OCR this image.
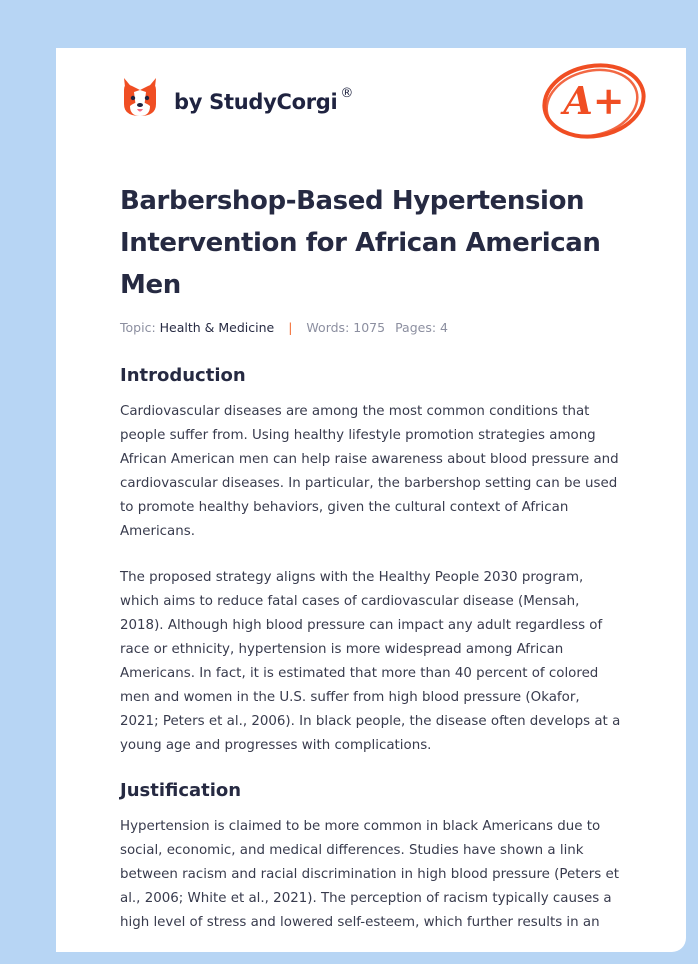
by StudyCorgi ®	A+
Barbershop-Based Hypertension Intervention for African American Men
Topic: Health & Medicine | Words: 1075 Pages: 4
Introduction

Cardiovascular diseases are among the most common conditions that people suffer from. Using healthy lifestyle promotion strategies among African American men can help raise awareness about blood pressure and cardiovascular diseases. In particular, the barbershop setting can be used to promote healthy behaviors, given the cultural context of African Americans.

The proposed strategy aligns with the Healthy People 2030 program, which aims to reduce fatal cases of cardiovascular disease (Mensah, 2018). Although high blood pressure can impact any adult regardless of race or ethnicity, hypertension is more widespread among African Americans. In fact, it is estimated that more than 40 percent of colored men and women in the U.S. suffer from high blood pressure (Okafor, 2021; Peters et al., 2006). In black people, the disease often develops at a young age and progresses with complications.

Justification

Hypertension is claimed to be more common in black Americans due to social, economic, and medical differences. Studies have shown a link between racism and racial discrimination in high blood pressure (Peters et al., 2006; White et al., 2021). The perception of racism typically causes a high level of stress and lowered self-esteem, which further results in an
